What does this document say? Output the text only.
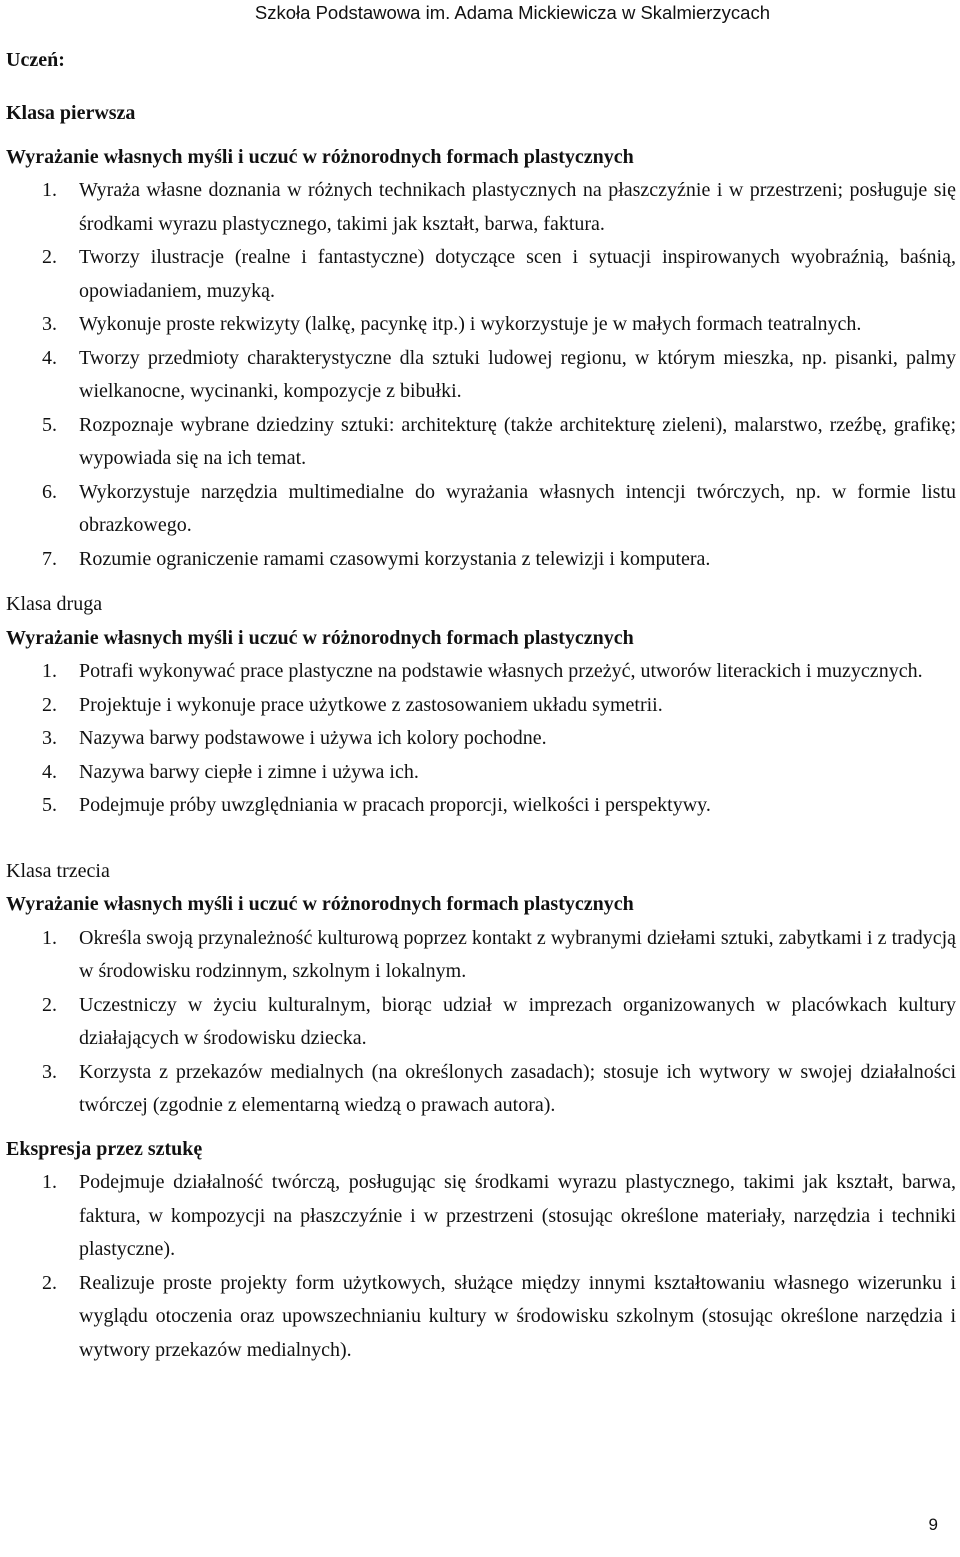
Szkoła Podstawowa im. Adama Mickiewicza w Skalmierzycach

Uczeń:

Klasa pierwsza

Wyrażanie własnych myśli i uczuć w różnorodnych formach plastycznych

1. Wyraża własne doznania w różnych technikach plastycznych na płaszczyźnie i w przestrzeni; posługuje się środkami wyrazu plastycznego, takimi jak kształt, barwa, faktura.
2. Tworzy ilustracje (realne i fantastyczne) dotyczące scen i sytuacji inspirowanych wyobraźnią, baśnią, opowiadaniem, muzyką.
3. Wykonuje proste rekwizyty (lalkę, pacynkę itp.) i wykorzystuje je w małych formach teatralnych.
4. Tworzy przedmioty charakterystyczne dla sztuki ludowej regionu, w którym mieszka, np. pisanki, palmy wielkanocne, wycinanki, kompozycje z bibułki.
5. Rozpoznaje wybrane dziedziny sztuki: architekturę (także architekturę zieleni), malarstwo, rzeźbę, grafikę; wypowiada się na ich temat.
6. Wykorzystuje narzędzia multimedialne do wyrażania własnych intencji twórczych, np. w formie listu obrazkowego.
7. Rozumie ograniczenie ramami czasowymi korzystania z telewizji i komputera.

Klasa druga

Wyrażanie własnych myśli i uczuć w różnorodnych formach plastycznych

1. Potrafi wykonywać prace plastyczne na podstawie własnych przeżyć, utworów literackich i muzycznych.
2. Projektuje i wykonuje prace użytkowe z zastosowaniem układu symetrii.
3. Nazywa barwy podstawowe i używa ich kolory pochodne.
4. Nazywa barwy ciepłe i zimne i używa ich.
5. Podejmuje próby uwzględniania w pracach proporcji, wielkości i perspektywy.

Klasa trzecia

Wyrażanie własnych myśli i uczuć w różnorodnych formach plastycznych

1. Określa swoją przynależność kulturową poprzez kontakt z wybranymi dziełami sztuki, zabytkami i z tradycją w środowisku rodzinnym, szkolnym i lokalnym.
2. Uczestniczy w życiu kulturalnym, biorąc udział w imprezach organizowanych w placówkach kultury działających w środowisku dziecka.
3. Korzysta z przekazów medialnych (na określonych zasadach); stosuje ich wytwory w swojej działalności twórczej (zgodnie z elementarną wiedzą o prawach autora).

Ekspresja przez sztukę

1. Podejmuje działalność twórczą, posługując się środkami wyrazu plastycznego, takimi jak kształt, barwa, faktura, w kompozycji na płaszczyźnie i w przestrzeni (stosując określone materiały, narzędzia i techniki plastyczne).
2. Realizuje proste projekty form użytkowych, służące między innymi kształtowaniu własnego wizerunku i wyglądu otoczenia oraz upowszechnianiu kultury w środowisku szkolnym (stosując określone narzędzia i wytwory przekazów medialnych).
9
